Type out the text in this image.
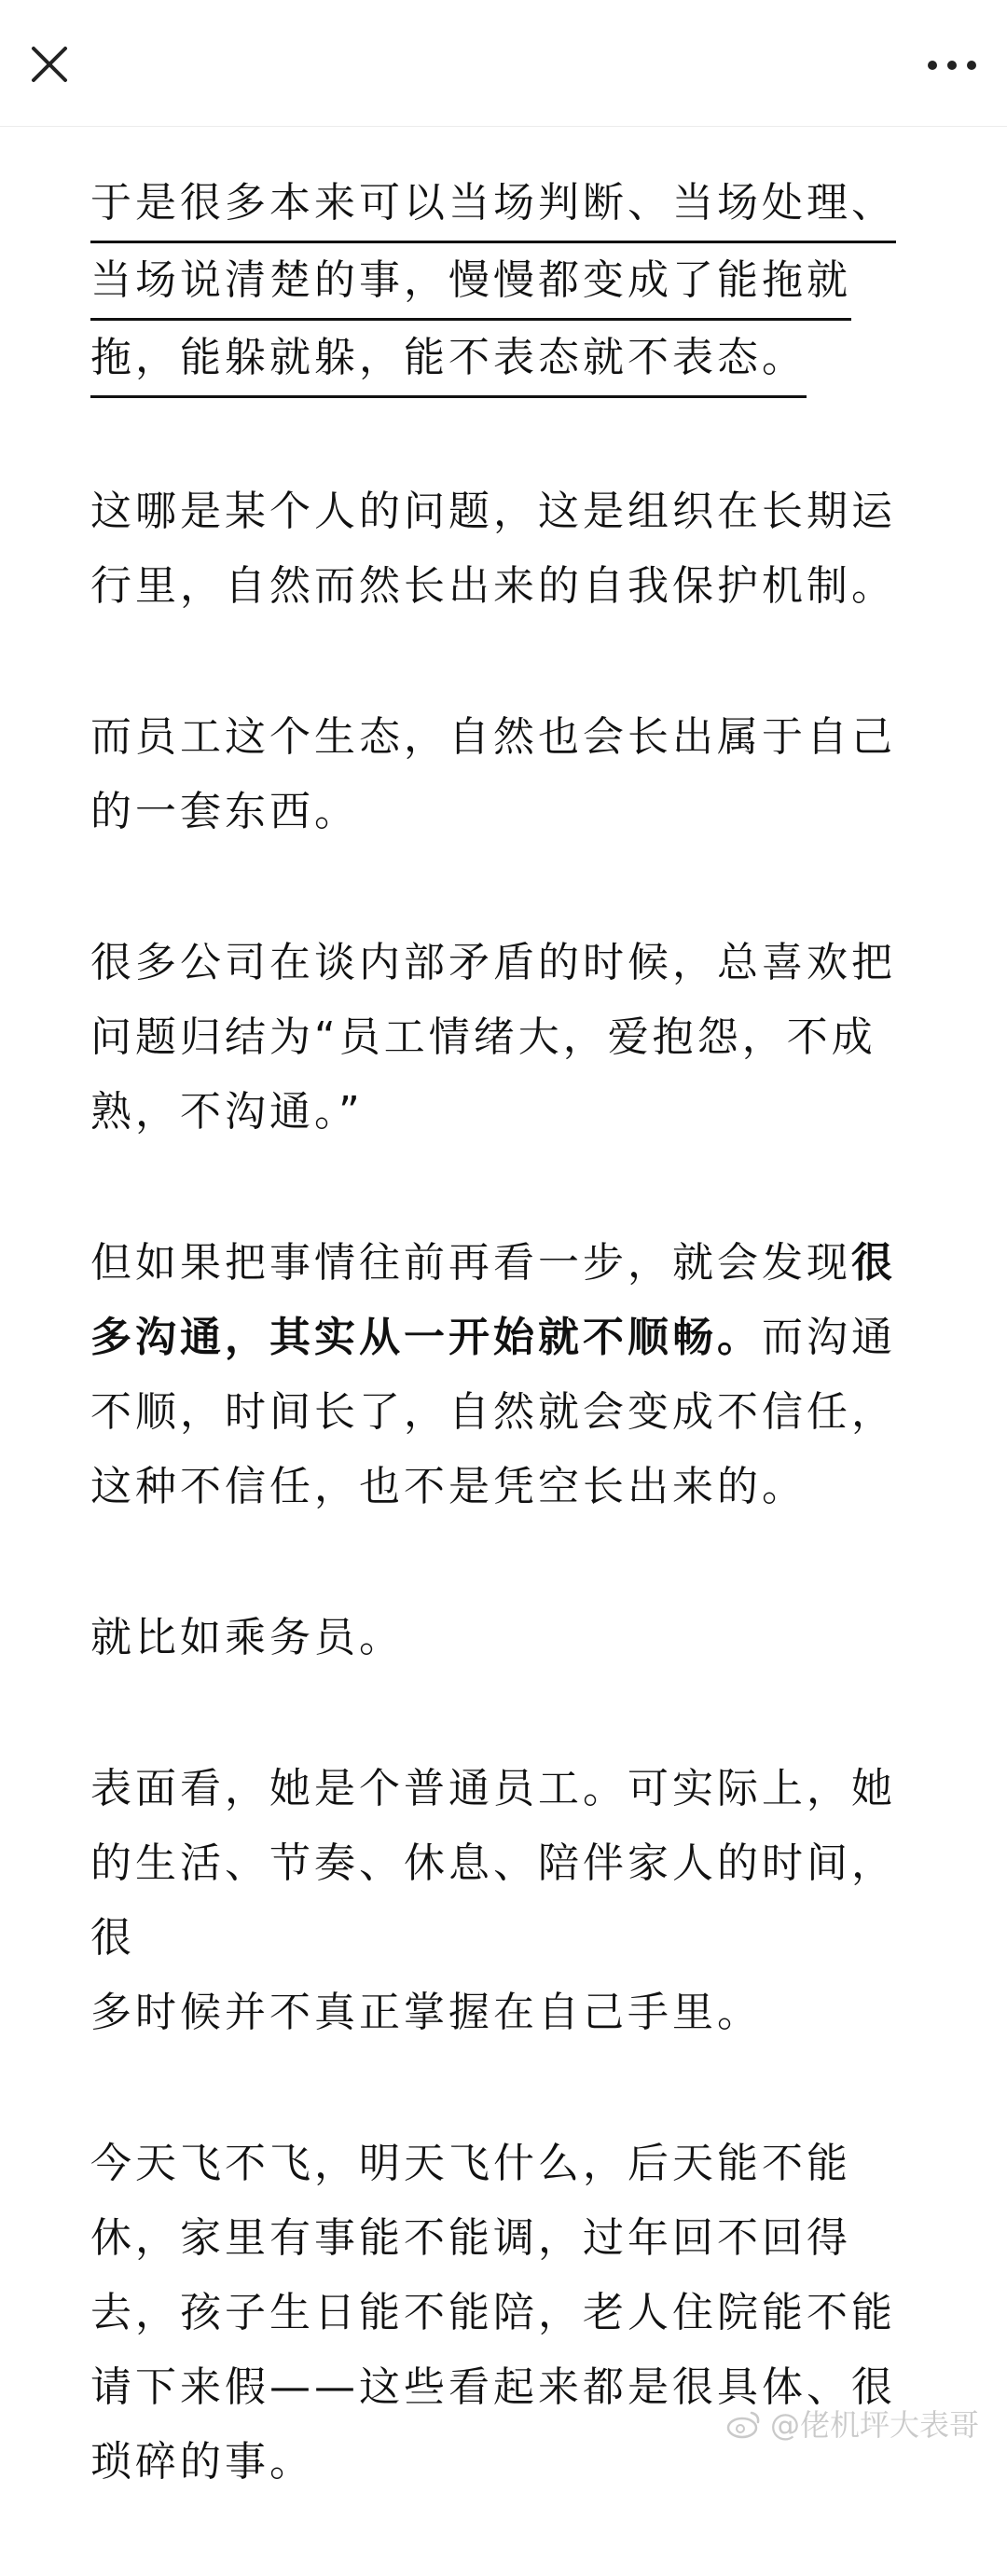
于是很多本来可以当场判断、当场处理、
当场说清楚的事，慢慢都变成了能拖就
拖，能躲就躲，能不表态就不表态。

这哪是某个人的问题，这是组织在长期运
行里，自然而然长出来的自我保护机制。

而员工这个生态，自然也会长出属于自己
的一套东西。

很多公司在谈内部矛盾的时候，总喜欢把
问题归结为“员工情绪大，爱抱怨，不成
熟，不沟通。”

但如果把事情往前再看一步，就会发现很
多沟通，其实从一开始就不顺畅。而沟通
不顺，时间长了，自然就会变成不信任，
这种不信任，也不是凭空长出来的。

就比如乘务员。

表面看，她是个普通员工。可实际上，她
的生活、节奏、休息、陪伴家人的时间，很
多时候并不真正掌握在自己手里。

今天飞不飞，明天飞什么，后天能不能
休，家里有事能不能调，过年回不回得
去，孩子生日能不能陪，老人住院能不能
请下来假——这些看起来都是很具体、很
琐碎的事。

@佬机坪大表哥
